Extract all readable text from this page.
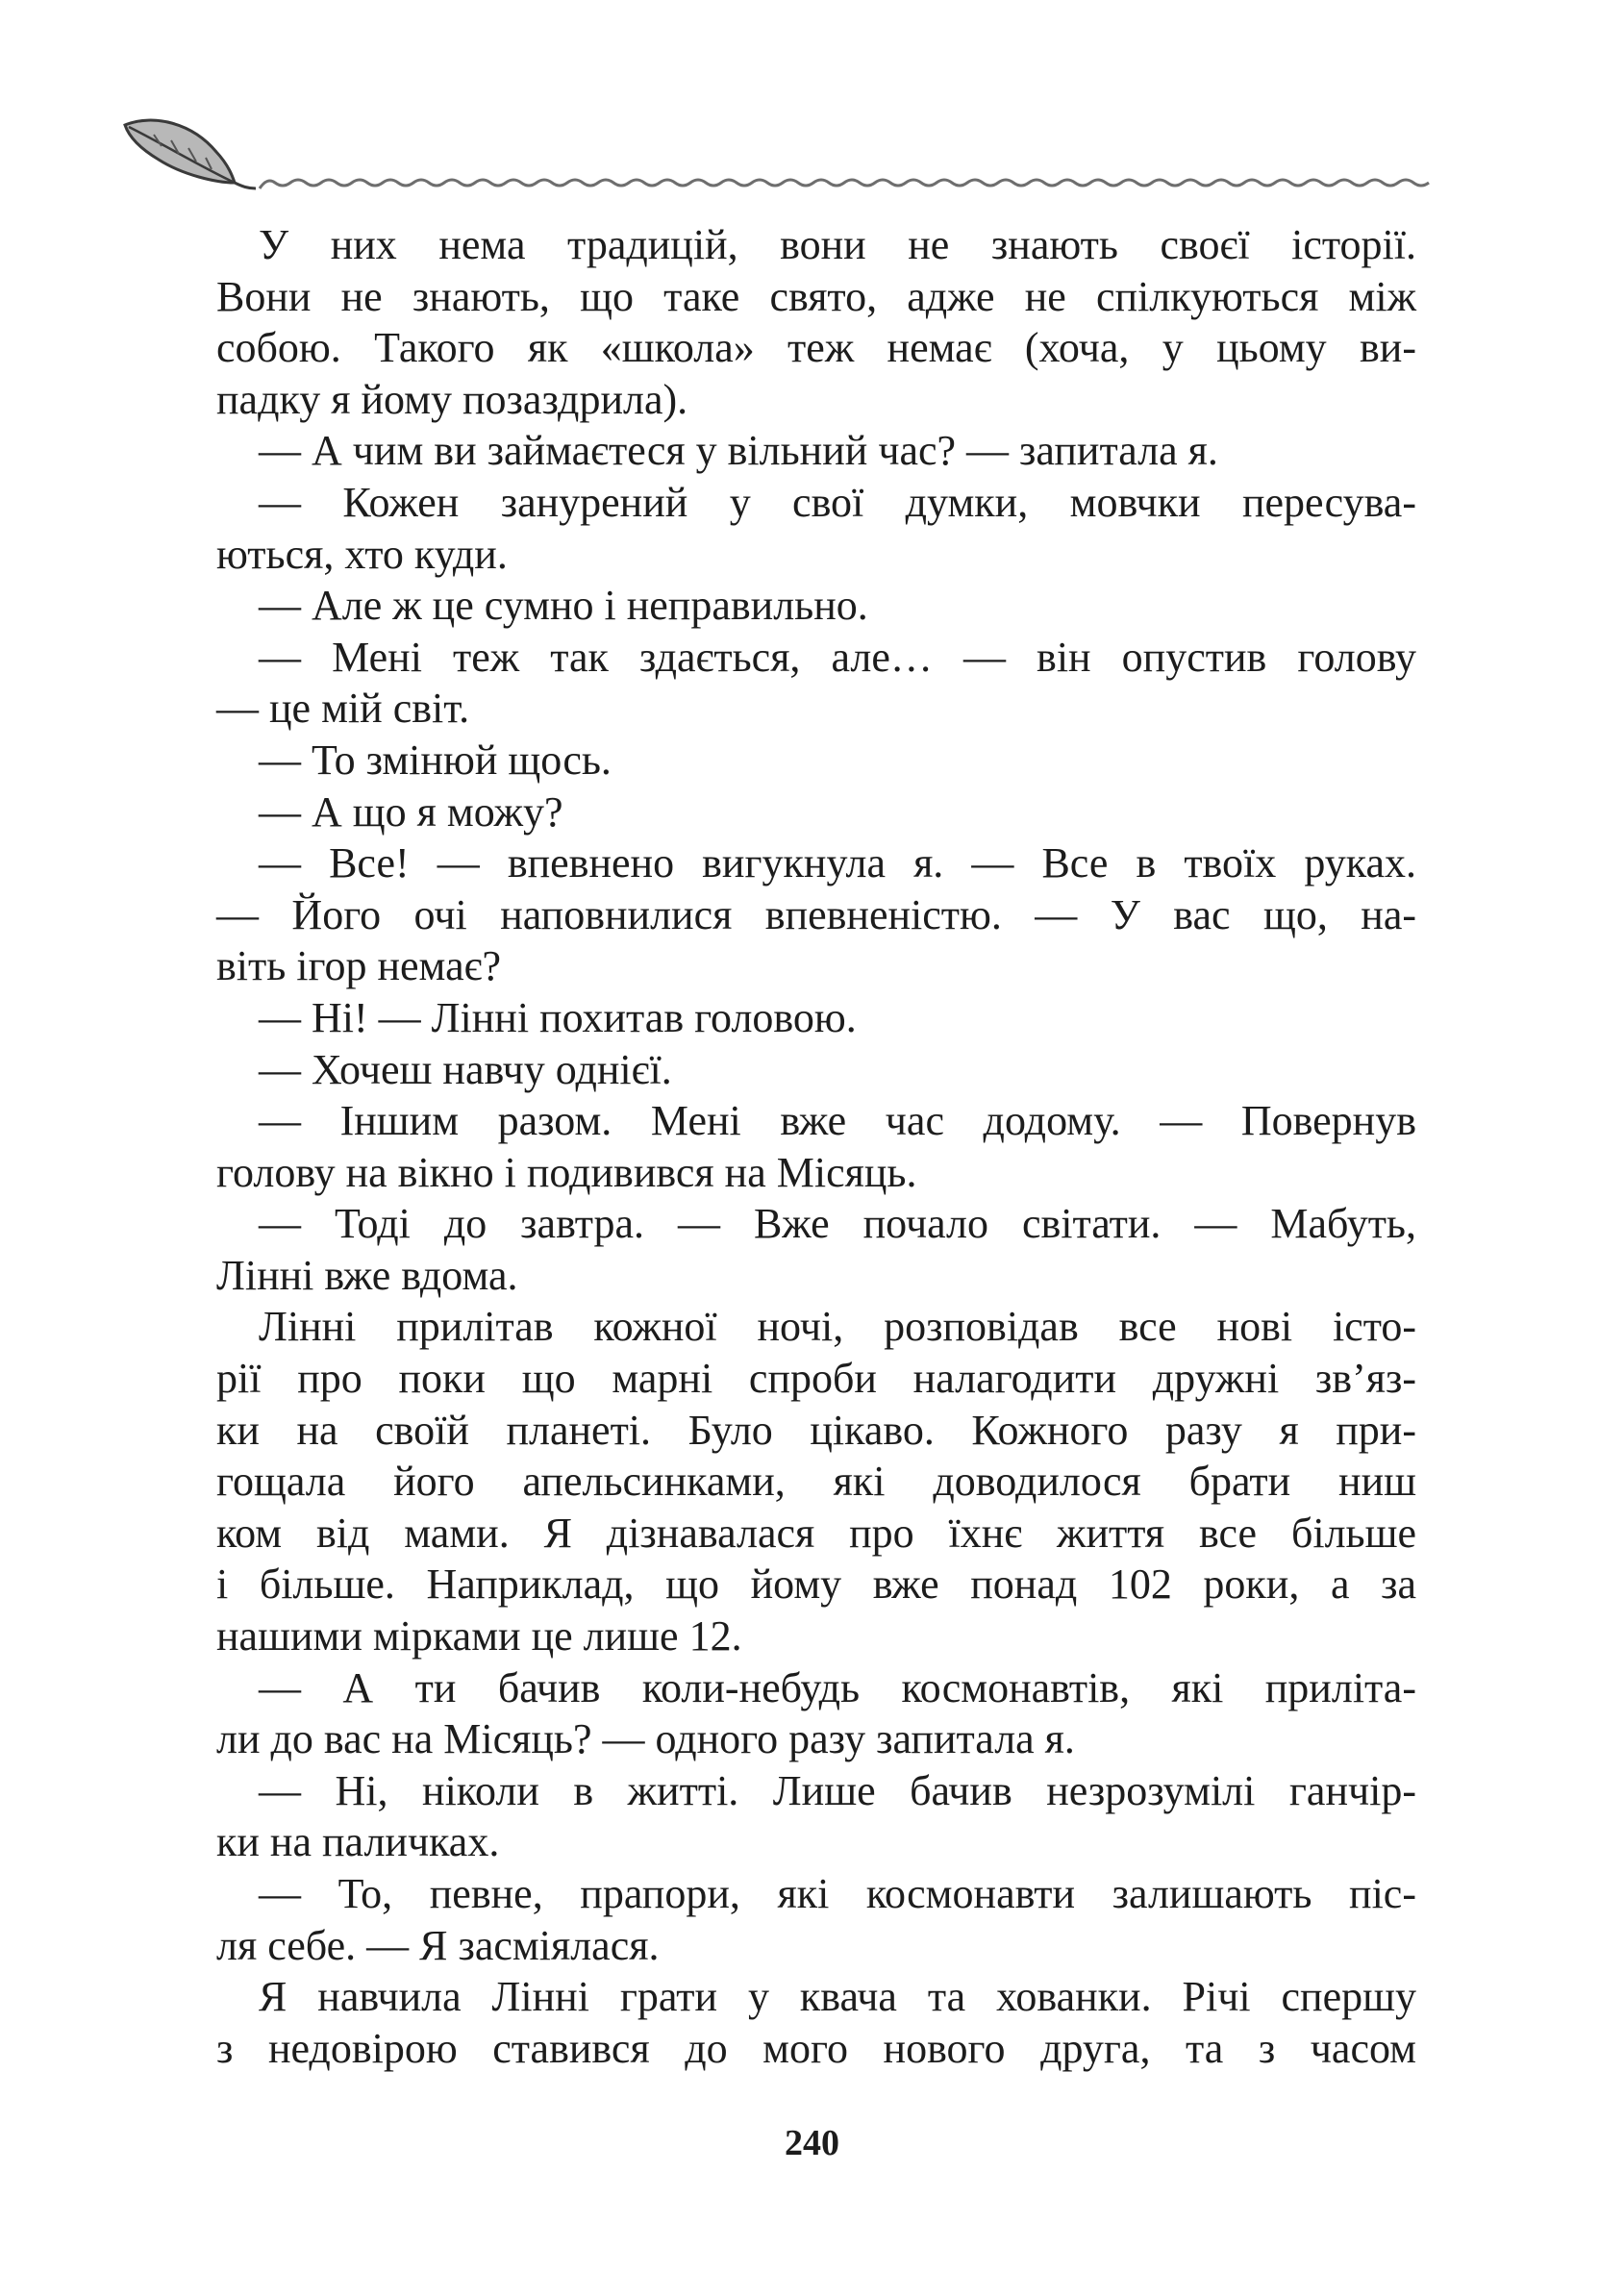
У них нема традицій, вони не знають своєї історії.
Вони не знають, що таке свято, адже не спілкуються між
собою. Такого як «школа» теж немає (хоча, у цьому ви-
падку я йому позаздрила).
— А чим ви займаєтеся у вільний час? — запитала я.
— Кожен занурений у свої думки, мовчки пересува-
ються, хто куди.
— Але ж це сумно і неправильно.
— Мені теж так здається, але… — він опустив голову
— це мій світ.
— То змінюй щось.
— А що я можу?
— Все! — впевнено вигукнула я. — Все в твоїх руках.
— Його очі наповнилися впевненістю. — У вас що, на-
віть ігор немає?
— Ні! — Лінні похитав головою.
— Хочеш навчу однієї.
— Іншим разом. Мені вже час додому. — Повернув
голову на вікно і подивився на Місяць.
— Тоді до завтра. — Вже почало світати. — Мабуть,
Лінні вже вдома.
Лінні прилітав кожної ночі, розповідав все нові істо-
рії про поки що марні спроби налагодити дружні зв’яз-
ки на своїй планеті. Було цікаво. Кожного разу я при-
гощала його апельсинками, які доводилося брати ниш
ком від мами. Я дізнавалася про їхнє життя все більше
і більше. Наприклад, що йому вже понад 102 роки, а за
нашими мірками це лише 12.
— А ти бачив коли-небудь космонавтів, які приліта-
ли до вас на Місяць? — одного разу запитала я.
— Ні, ніколи в житті. Лише бачив незрозумілі ганчір-
ки на паличках.
— То, певне, прапори, які космонавти залишають піс-
ля себе. — Я засміялася.
Я навчила Лінні грати у квача та хованки. Річі спершу
з недовірою ставився до мого нового друга, та з часом
240
